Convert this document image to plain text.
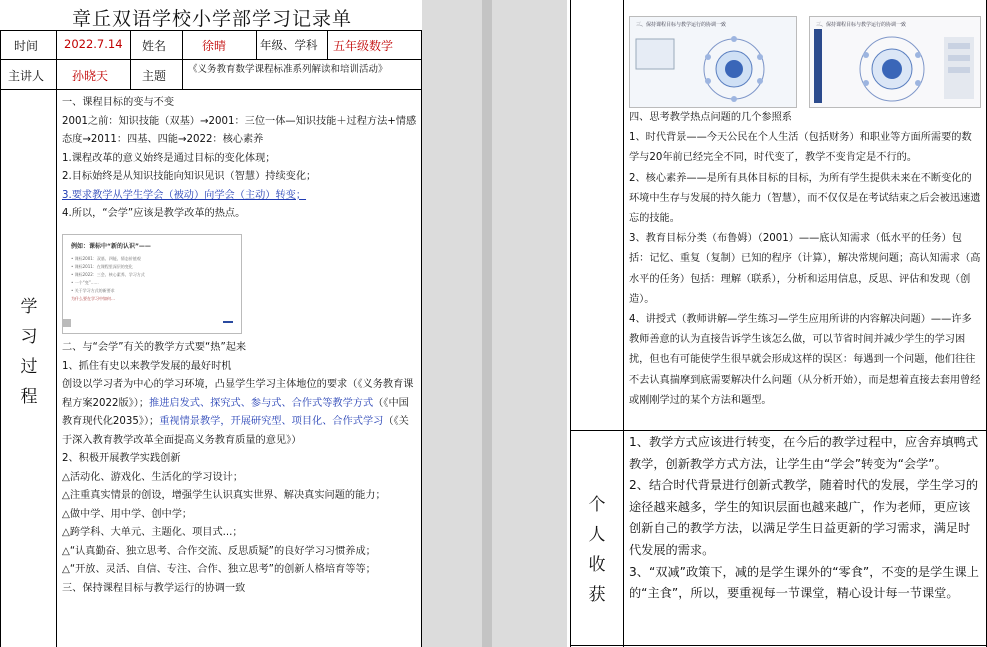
章丘双语学校小学部学习记录单
时间 2022.7.14 姓名	徐晴	年级、学科 五年级数学
主讲人 孙晓天	主题 《义务教育数学课程标准系列解读和培训活动》
学习过程

一、课程目标的变与不变

2001之前：知识技能（双基）→2001：三位一体—知识技能＋过程方法+情感态度→2011：四基、四能→2022：核心素养

1.课程改革的意义始终是通过目标的变化体现；

2.目标始终是从知识技能向知识见识（智慧）持续变化；

3.要求教学从学生学会（被动）向学会（主动）转变；

4.所以，“会学”应该是教学改革的热点。

例如：课标中“新的认识”——
• 课标2001：双基、四能、情态价值观
• 课标2011：在课程里深层的变化
• 课标2022：三会、核心素养、学习方式
• 一个“变”……
• 关于学习方式的新要求
为什么要在学习中如何…

二、与“会学”有关的教学方式要“热”起来

1、抓住有史以来教学发展的最好时机

创设以学习者为中心的学习环境，凸显学生学习主体地位的要求（《义务教育课程方案2022版》）；推进启发式、探究式、参与式、合作式等教学方式（《中国教育现代化2035》）；重视情景教学，开展研究型、项目化、合作式学习（《关于深入教育教学改革全面提高义务教育质量的意见》）

2、积极开展教学实践创新

△活动化、游戏化、生活化的学习设计；

△注重真实情景的创设，增强学生认识真实世界、解决真实问题的能力；

△做中学、用中学、创中学；

△跨学科、大单元、主题化、项目式...；

△“认真勤奋、独立思考、合作交流、反思质疑”的良好学习习惯养成；

△“开放、灵活、自信、专注、合作、独立思考”的创新人格培育等等；

三、保持课程目标与教学运行的协调一致

三、保持课程目标与教学运行的协调一致	三、保持课程目标与教学运行的协调一致

四、思考教学热点问题的几个参照系

1、时代背景——今天公民在个人生活（包括财务）和职业等方面所需要的数学与20年前已经完全不同，时代变了，教学不变肯定是不行的。

2、核心素养——是所有具体目标的目标，为所有学生提供未来在不断变化的环境中生存与发展的持久能力（智慧），而不仅仅是在考试结束之后会被迅速遗忘的技能。

3、教育目标分类（布鲁姆）（2001）——底认知需求（低水平的任务）包括：记忆、重复（复制）已知的程序（计算），解决常规问题；高认知需求（高水平的任务）包括：理解（联系），分析和运用信息，反思、评估和发现（创造）。

4、讲授式（教师讲解—学生练习—学生应用所讲的内容解决问题）——许多教师善意的认为直接告诉学生该怎么做，可以节省时间并减少学生的学习困扰，但也有可能使学生很早就会形成这样的误区：每遇到一个问题，他们往往不去认真揣摩到底需要解决什么问题（从分析开始），而是想着直接去套用曾经或刚刚学过的某个方法和题型。

个人收获

1、教学方式应该进行转变，在今后的教学过程中，应舍弃填鸭式教学，创新教学方式方法，让学生由“学会”转变为“会学”。

2、结合时代背景进行创新式教学，随着时代的发展，学生学习的途径越来越多，学生的知识层面也越来越广，作为老师，更应该创新自己的教学方法，以满足学生日益更新的学习需求，满足时代发展的需求。

3、“双减”政策下，减的是学生课外的“零食”，不变的是学生课上的“主食”，所以，要重视每一节课堂，精心设计每一节课堂。
